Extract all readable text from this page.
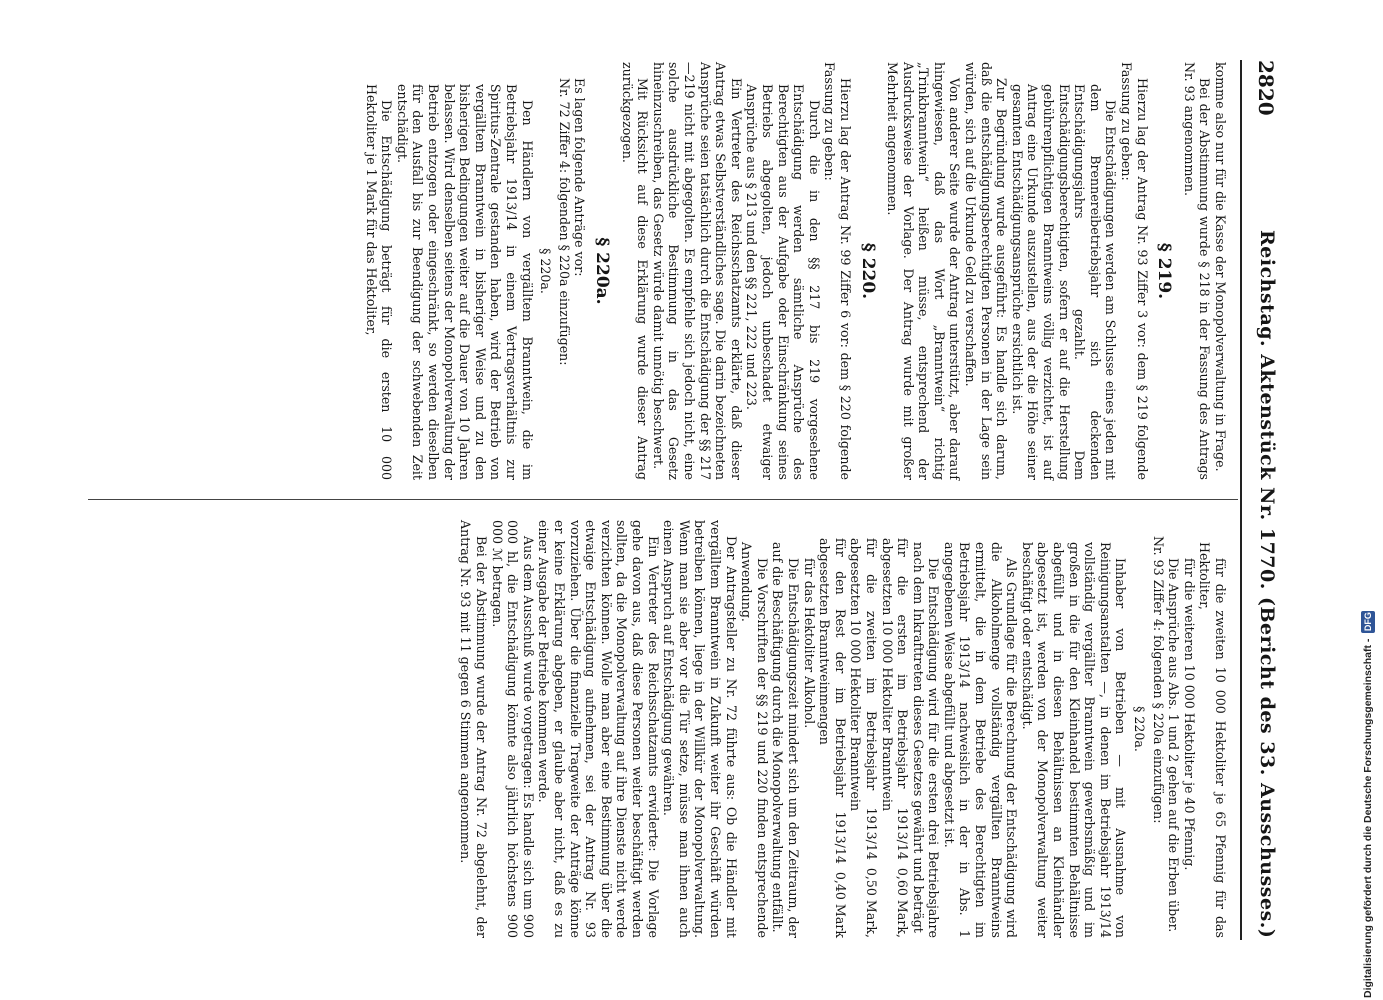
2820
Reichstag. Aktenstück Nr. 1770. (Bericht des 33. Ausschusses.)

komme also nur für die Kasse der Monopolverwaltung in Frage.

Bei der Abstimmung wurde § 218 in der Fassung des Antrags Nr. 93 angenommen.

§ 219.

Hierzu lag der Antrag Nr. 93 Ziffer 3 vor: dem § 219 folgende Fassung zu geben:

Die Entschädigungen werden am Schlusse eines jeden mit dem Brennereibetriebsjahr sich deckenden Entschädigungsjahrs gezahlt. Dem Entschädigungsberechtigten, sofern er auf die Herstellung gebührenpflichtigen Branntweins völlig verzichtet, ist auf Antrag eine Urkunde auszustellen, aus der die Höhe seiner gesamten Entschädigungsansprüche ersichtlich ist.

Zur Begründung wurde ausgeführt: Es handle sich darum, daß die entschädigungsberechtigten Personen in der Lage sein würden, sich auf die Urkunde Geld zu verschaffen.

Von anderer Seite wurde der Antrag unterstützt, aber darauf hingewiesen, daß das Wort „Branntwein“ richtig „Trinkbranntwein“ heißen müsse, entsprechend der Ausdrucksweise der Vorlage. Der Antrag wurde mit großer Mehrheit angenommen.

§ 220.

Hierzu lag der Antrag Nr. 99 Ziffer 6 vor: dem § 220 folgende Fassung zu geben:

Durch die in den §§ 217 bis 219 vorgesehene Entschädigung werden sämtliche Ansprüche des Berechtigten aus der Aufgabe oder Einschränkung seines Betriebs abgegolten, jedoch unbeschadet etwaiger Ansprüche aus § 213 und den §§ 221, 222 und 223.

Ein Vertreter des Reichsschatzamts erklärte, daß dieser Antrag etwas Selbstverständliches sage. Die darin bezeichneten Ansprüche seien tatsächlich durch die Entschädigung der §§ 217—219 nicht mit abgegolten. Es empfehle sich jedoch nicht, eine solche ausdrückliche Bestimmung in das Gesetz hineinzuschreiben, das Gesetz würde damit unnötig beschwert.

Mit Rücksicht auf diese Erklärung wurde dieser Antrag zurückgezogen.

§ 220a.

Es lagen folgende Anträge vor:

Nr. 72 Ziffer 4: folgenden § 220a einzufügen:

§ 220a.

Den Händlern von vergälltem Branntwein, die im Betriebsjahr 1913/14 in einem Vertragsverhältnis zur Spiritus-Zentrale gestanden haben, wird der Betrieb von vergälltem Branntwein in bisheriger Weise und zu den bisherigen Bedingungen weiter auf die Dauer von 10 Jahren belassen. Wird denselben seitens der Monopolverwaltung der Betrieb entzogen oder eingeschränkt, so werden dieselben für den Ausfall bis zur Beendigung der schwebenden Zeit entschädigt.

Die Entschädigung beträgt für die ersten 10 000 Hektoliter je 1 Mark für das Hektoliter,

für die zweiten 10 000 Hektoliter je 65 Pfennig für das Hektoliter,

für die weiteren 10 000 Hektoliter je 40 Pfennig.

Die Ansprüche aus Abs. 1 und 2 gehen auf die Erben über.

Nr. 93 Ziffer 4: folgenden § 220a einzufügen:

§ 220a.

Inhaber von Betrieben — mit Ausnahme von Reinigungsanstalten —, in denen im Betriebsjahr 1913/14 vollständig vergällter Branntwein gewerbsmäßig und im großen in die für den Kleinhandel bestimmten Behältnisse abgefüllt und in diesen Behältnissen an Kleinhändler abgesetzt ist, werden von der Monopolverwaltung weiter beschäftigt oder entschädigt.

Als Grundlage für die Berechnung der Entschädigung wird die Alkoholmenge vollständig vergällten Branntweins ermittelt, die in dem Betriebe des Berechtigten im Betriebsjahr 1913/14 nachweislich in der in Abs. 1 angegebenen Weise abgefüllt und abgesetzt ist.

Die Entschädigung wird für die ersten drei Betriebsjahre nach dem Inkrafttreten dieses Gesetzes gewährt und beträgt

für die ersten im Betriebsjahr 1913/14 abgesetzten 10 000 Hektoliter Branntwein
0,60 Mark,
für die zweiten im Betriebsjahr 1913/14 abgesetzten 10 000 Hektoliter Branntwein
0,50 Mark,
für den Rest der im Betriebsjahr 1913/14 abgesetzten Branntweinmengen
0,40 Mark

für das Hektoliter Alkohol.

Die Entschädigungszeit mindert sich um den Zeitraum, der auf die Beschäftigung durch die Monopolverwaltung entfällt.

Die Vorschriften der §§ 219 und 220 finden entsprechende Anwendung.

Der Antragsteller zu Nr. 72 führte aus: Ob die Händler mit vergälltem Branntwein in Zukunft weiter ihr Geschäft würden betreiben können, liege in der Willkür der Monopolverwaltung. Wenn man sie aber vor die Tür setze, müsse man ihnen auch einen Anspruch auf Entschädigung gewähren.

Ein Vertreter des Reichsschatzamts erwiderte: Die Vorlage gehe davon aus, daß diese Personen weiter beschäftigt werden sollten, da die Monopolverwaltung auf ihre Dienste nicht werde verzichten können. Wolle man aber eine Bestimmung über die etwaige Entschädigung aufnehmen, sei der Antrag Nr. 93 vorzuziehen. Über die finanzielle Tragweite der Anträge könne er keine Erklärung abgeben, er glaube aber nicht, daß es zu einer Ausgabe der Betriebe kommen werde.

Aus dem Ausschuß wurde vorgetragen: Es handle sich um 900 000 hl, die Entschädigung könnte also jährlich höchstens 900 000 ℳ betragen.

Bei der Abstimmung wurde der Antrag Nr. 72 abgelehnt, der Antrag Nr. 93 mit 11 gegen 6 Stimmen angenommen.	Digitalisierung gefördert durch die Deutsche Forschungsgemeinschaft -
DFG
